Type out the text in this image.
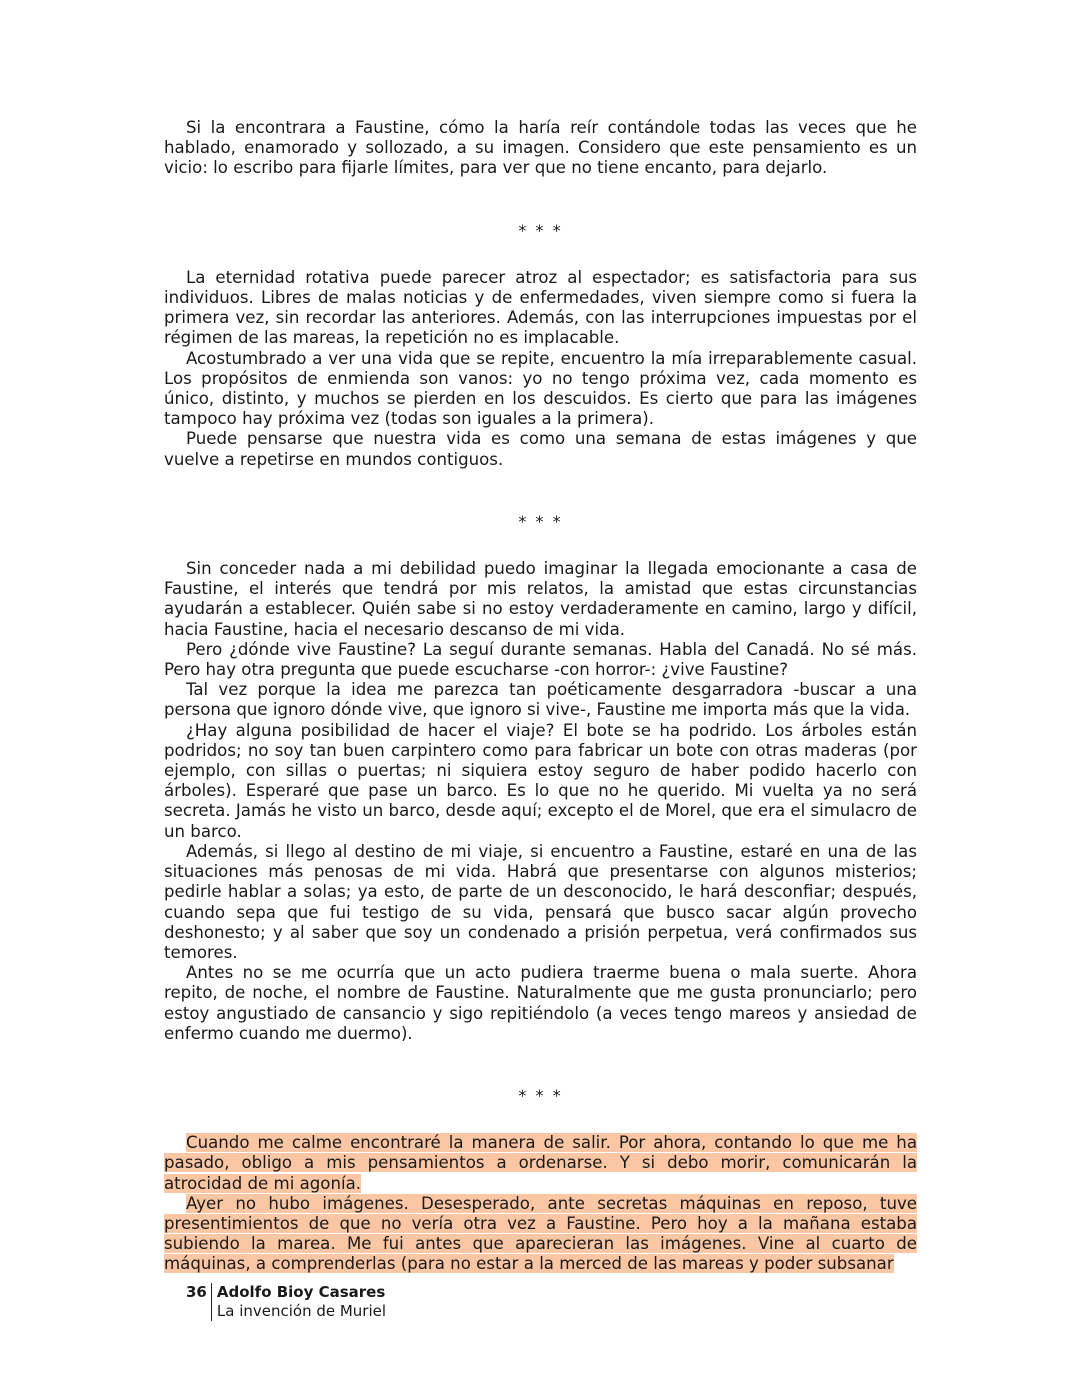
Si la encontrara a Faustine, cómo la haría reír contándole todas las veces que he hablado, enamorado y sollozado, a su imagen. Considero que este pensamiento es un vicio: lo escribo para fijarle límites, para ver que no tiene encanto, para dejarlo.

* * *

La eternidad rotativa puede parecer atroz al espectador; es satisfactoria para sus individuos. Libres de malas noticias y de enfermedades, viven siempre como si fuera la primera vez, sin recordar las anteriores. Además, con las interrupciones impuestas por el régimen de las mareas, la repetición no es implacable.

Acostumbrado a ver una vida que se repite, encuentro la mía irreparablemente casual. Los propósitos de enmienda son vanos: yo no tengo próxima vez, cada momento es único, distinto, y muchos se pierden en los descuidos. Es cierto que para las imágenes tampoco hay próxima vez (todas son iguales a la primera).

Puede pensarse que nuestra vida es como una semana de estas imágenes y que vuelve a repetirse en mundos contiguos.

* * *

Sin conceder nada a mi debilidad puedo imaginar la llegada emocionante a casa de Faustine, el interés que tendrá por mis relatos, la amistad que estas circunstancias ayudarán a establecer. Quién sabe si no estoy verdaderamente en camino, largo y difícil, hacia Faustine, hacia el necesario descanso de mi vida.

Pero ¿dónde vive Faustine? La seguí durante semanas. Habla del Canadá. No sé más. Pero hay otra pregunta que puede escucharse -con horror-: ¿vive Faustine?

Tal vez porque la idea me parezca tan poéticamente desgarradora -buscar a una persona que ignoro dónde vive, que ignoro si vive-, Faustine me importa más que la vida.

¿Hay alguna posibilidad de hacer el viaje? El bote se ha podrido. Los árboles están podridos; no soy tan buen carpintero como para fabricar un bote con otras maderas (por ejemplo, con sillas o puertas; ni siquiera estoy seguro de haber podido hacerlo con árboles). Esperaré que pase un barco. Es lo que no he querido. Mi vuelta ya no será secreta. Jamás he visto un barco, desde aquí; excepto el de Morel, que era el simulacro de un barco.

Además, si llego al destino de mi viaje, si encuentro a Faustine, estaré en una de las situaciones más penosas de mi vida. Habrá que presentarse con algunos misterios; pedirle hablar a solas; ya esto, de parte de un desconocido, le hará desconfiar; después, cuando sepa que fui testigo de su vida, pensará que busco sacar algún provecho deshonesto; y al saber que soy un condenado a prisión perpetua, verá confirmados sus temores.

Antes no se me ocurría que un acto pudiera traerme buena o mala suerte. Ahora repito, de noche, el nombre de Faustine. Naturalmente que me gusta pronunciarlo; pero estoy angustiado de cansancio y sigo repitiéndolo (a veces tengo mareos y ansiedad de enfermo cuando me duermo).

* * *

Cuando me calme encontraré la manera de salir. Por ahora, contando lo que me ha pasado, obligo a mis pensamientos a ordenarse. Y si debo morir, comunicarán la atrocidad de mi agonía.

Ayer no hubo imágenes. Desesperado, ante secretas máquinas en reposo, tuve presentimientos de que no vería otra vez a Faustine. Pero hoy a la mañana estaba subiendo la marea. Me fui antes que aparecieran las imágenes. Vine al cuarto de máquinas, a comprenderlas (para no estar a la merced de las mareas y poder subsanar

36 Adolfo Bioy Casares
La invención de Muriel
